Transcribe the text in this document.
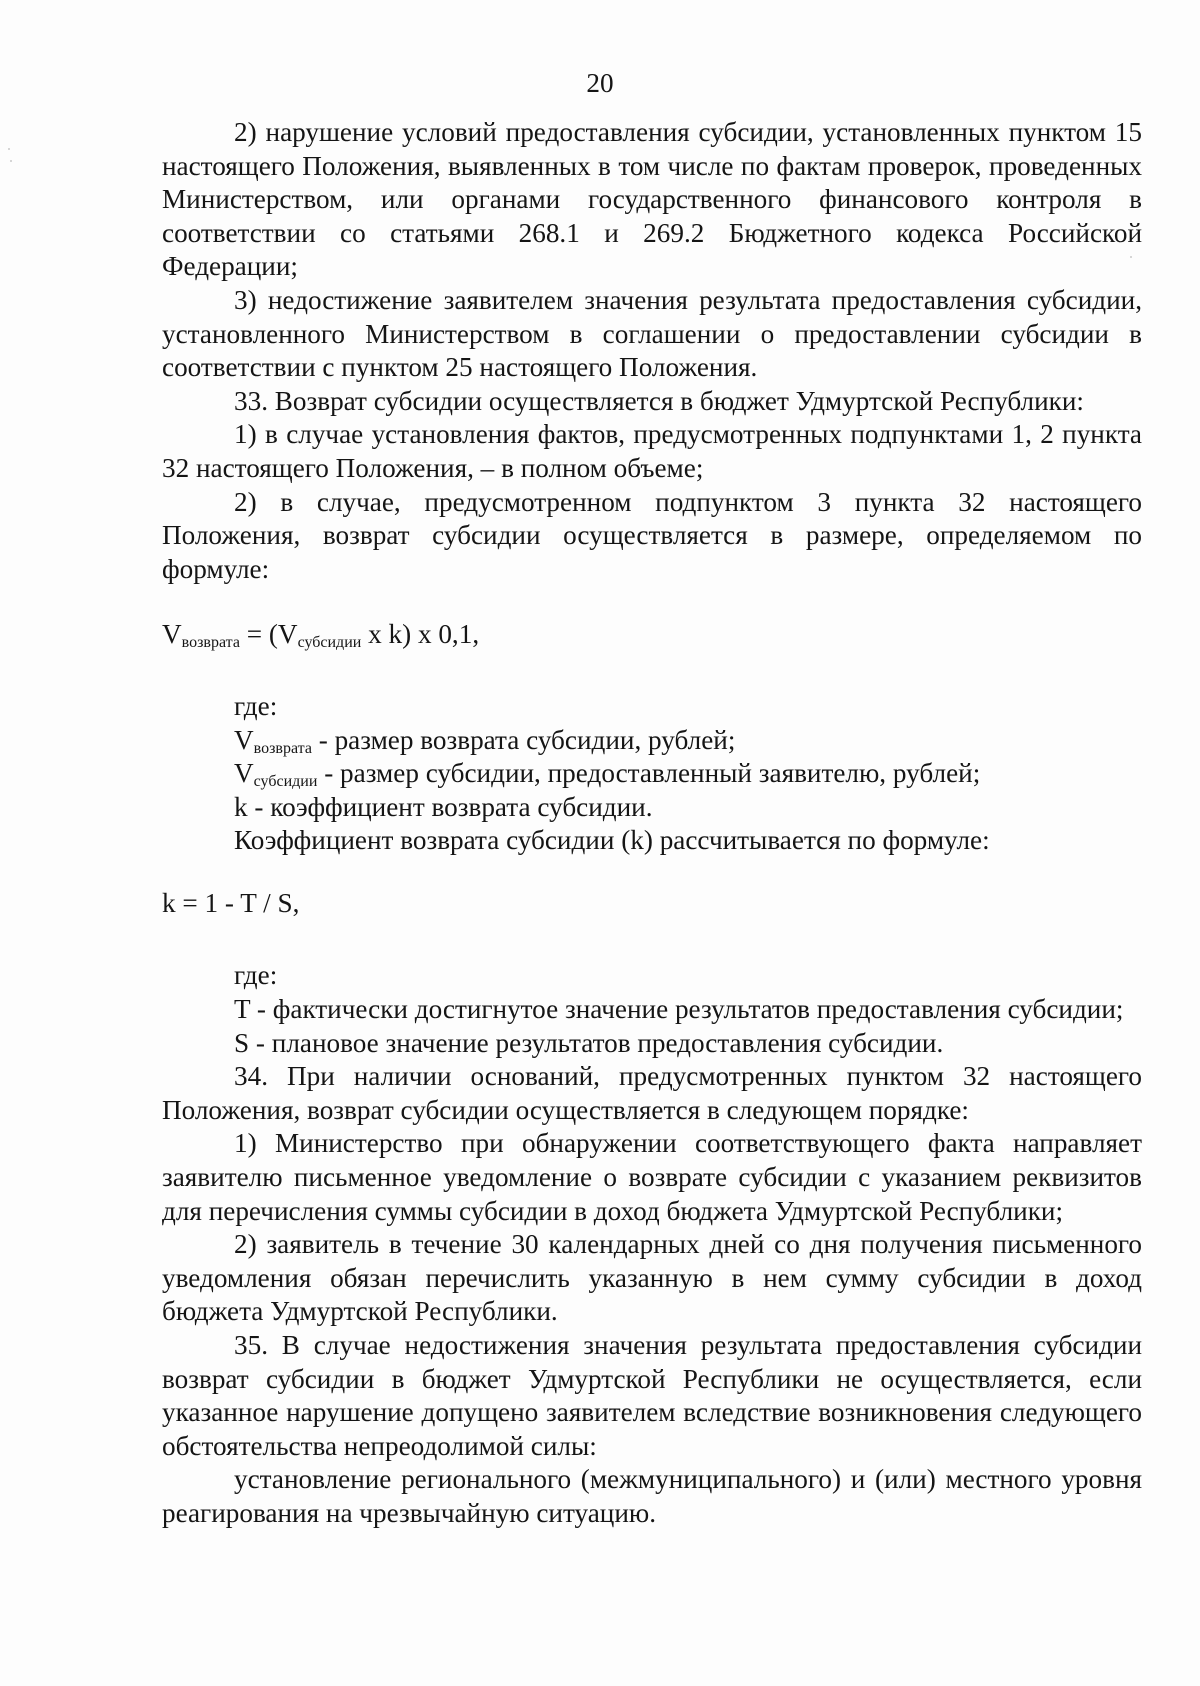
20

2) нарушение условий предоставления субсидии, установленных пунктом 15 настоящего Положения, выявленных в том числе по фактам проверок, проведенных Министерством, или органами государственного финансового контроля в соответствии со статьями 268.1 и 269.2 Бюджетного кодекса Российской Федерации;

3) недостижение заявителем значения результата предоставления субсидии, установленного Министерством в соглашении о предоставлении субсидии в соответствии с пунктом 25 настоящего Положения.

33. Возврат субсидии осуществляется в бюджет Удмуртской Республики:

1) в случае установления фактов, предусмотренных подпунктами 1, 2 пункта 32 настоящего Положения, – в полном объеме;

2) в случае, предусмотренном подпунктом 3 пункта 32 настоящего Положения, возврат субсидии осуществляется в размере, определяемом по формуле:

$V_{возврата} = (V_{субсидии}$ x k) x 0,1,

где:

$V_{возврата}$ - размер возврата субсидии, рублей;

$V_{субсидии}$ - размер субсидии, предоставленный заявителю, рублей;

k - коэффициент возврата субсидии.

Коэффициент возврата субсидии (k) рассчитывается по формуле:

k = 1 - T / S,

где:

T - фактически достигнутое значение результатов предоставления субсидии;

S - плановое значение результатов предоставления субсидии.

34. При наличии оснований, предусмотренных пунктом 32 настоящего Положения, возврат субсидии осуществляется в следующем порядке:

1) Министерство при обнаружении соответствующего факта направляет заявителю письменное уведомление о возврате субсидии с указанием реквизитов для перечисления суммы субсидии в доход бюджета Удмуртской Республики;

2) заявитель в течение 30 календарных дней со дня получения письменного уведомления обязан перечислить указанную в нем сумму субсидии в доход бюджета Удмуртской Республики.

35. В случае недостижения значения результата предоставления субсидии возврат субсидии в бюджет Удмуртской Республики не осуществляется, если указанное нарушение допущено заявителем вследствие возникновения следующего обстоятельства непреодолимой силы:

установление регионального (межмуниципального) и (или) местного уровня реагирования на чрезвычайную ситуацию.
